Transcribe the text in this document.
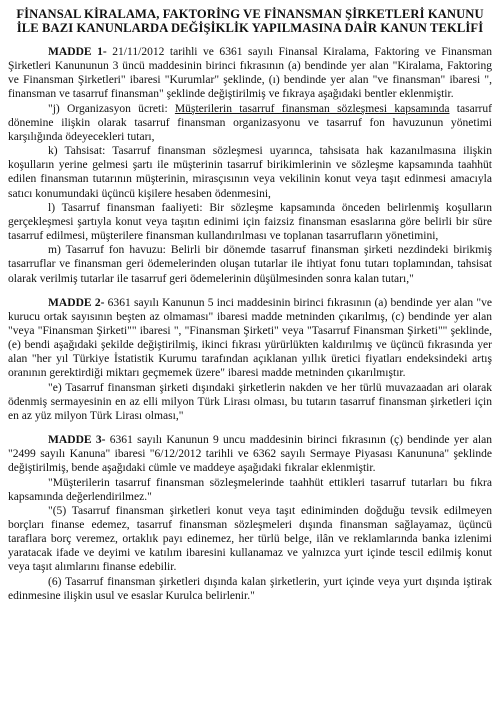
FİNANSAL KİRALAMA, FAKTORİNG VE FİNANSMAN ŞİRKETLERİ KANUNU
İLE BAZI KANUNLARDA DEĞİŞİKLİK YAPILMASINA DAİR KANUN TEKLİFİ

MADDE 1- 21/11/2012 tarihli ve 6361 sayılı Finansal Kiralama, Faktoring ve Finansman Şirketleri Kanununun 3 üncü maddesinin birinci fıkrasının (a) bendinde yer alan "Kiralama, Faktoring ve Finansman Şirketleri" ibaresi "Kurumlar" şeklinde, (ı) bendinde yer alan "ve finansman" ibaresi ", finansman ve tasarruf finansman" şeklinde değiştirilmiş ve fıkraya aşağıdaki bentler eklenmiştir.

"j) Organizasyon ücreti: Müşterilerin tasarruf finansman sözleşmesi kapsamında tasarruf dönemine ilişkin olarak tasarruf finansman organizasyonu ve tasarruf fon havuzunun yönetimi karşılığında ödeyecekleri tutarı,

k) Tahsisat: Tasarruf finansman sözleşmesi uyarınca, tahsisata hak kazanılmasına ilişkin koşulların yerine gelmesi şartı ile müşterinin tasarruf birikimlerinin ve sözleşme kapsamında taahhüt edilen finansman tutarının müşterinin, mirasçısının veya vekilinin konut veya taşıt edinmesi amacıyla satıcı konumundaki üçüncü kişilere hesaben ödenmesini,

l) Tasarruf finansman faaliyeti: Bir sözleşme kapsamında önceden belirlenmiş koşulların gerçekleşmesi şartıyla konut veya taşıtın edinimi için faizsiz finansman esaslarına göre belirli bir süre tasarruf edilmesi, müşterilere finansman kullandırılması ve toplanan tasarrufların yönetimini,

m) Tasarruf fon havuzu: Belirli bir dönemde tasarruf finansman şirketi nezdindeki birikmiş tasarruflar ve finansman geri ödemelerinden oluşan tutarlar ile ihtiyat fonu tutarı toplamından, tahsisat olarak verilmiş tutarlar ile tasarruf geri ödemelerinin düşülmesinden sonra kalan tutarı,"

MADDE 2- 6361 sayılı Kanunun 5 inci maddesinin birinci fıkrasının (a) bendinde yer alan "ve kurucu ortak sayısının beşten az olmaması" ibaresi madde metninden çıkarılmış, (c) bendinde yer alan "veya "Finansman Şirketi"" ibaresi ", "Finansman Şirketi" veya "Tasarruf Finansman Şirketi"" şeklinde, (e) bendi aşağıdaki şekilde değiştirilmiş, ikinci fıkrası yürürlükten kaldırılmış ve üçüncü fıkrasında yer alan "her yıl Türkiye İstatistik Kurumu tarafından açıklanan yıllık üretici fiyatları endeksindeki artış oranının gerektirdiği miktarı geçmemek üzere" ibaresi madde metninden çıkarılmıştır.

"e) Tasarruf finansman şirketi dışındaki şirketlerin nakden ve her türlü muvazaadan ari olarak ödenmiş sermayesinin en az elli milyon Türk Lirası olması, bu tutarın tasarruf finansman şirketleri için en az yüz milyon Türk Lirası olması,"

MADDE 3- 6361 sayılı Kanunun 9 uncu maddesinin birinci fıkrasının (ç) bendinde yer alan "2499 sayılı Kanuna" ibaresi "6/12/2012 tarihli ve 6362 sayılı Sermaye Piyasası Kanununa" şeklinde değiştirilmiş, bende aşağıdaki cümle ve maddeye aşağıdaki fıkralar eklenmiştir.

"Müşterilerin tasarruf finansman sözleşmelerinde taahhüt ettikleri tasarruf tutarları bu fıkra kapsamında değerlendirilmez."

"(5) Tasarruf finansman şirketleri konut veya taşıt ediniminden doğduğu tevsik edilmeyen borçları finanse edemez, tasarruf finansman sözleşmeleri dışında finansman sağlayamaz, üçüncü taraflara borç veremez, ortaklık payı edinemez, her türlü belge, ilân ve reklamlarında banka izlenimi yaratacak ifade ve deyimi ve katılım ibaresini kullanamaz ve yalnızca yurt içinde tescil edilmiş konut veya taşıt alımlarını finanse edebilir.

(6) Tasarruf finansman şirketleri dışında kalan şirketlerin, yurt içinde veya yurt dışında iştirak edinmesine ilişkin usul ve esaslar Kurulca belirlenir."
